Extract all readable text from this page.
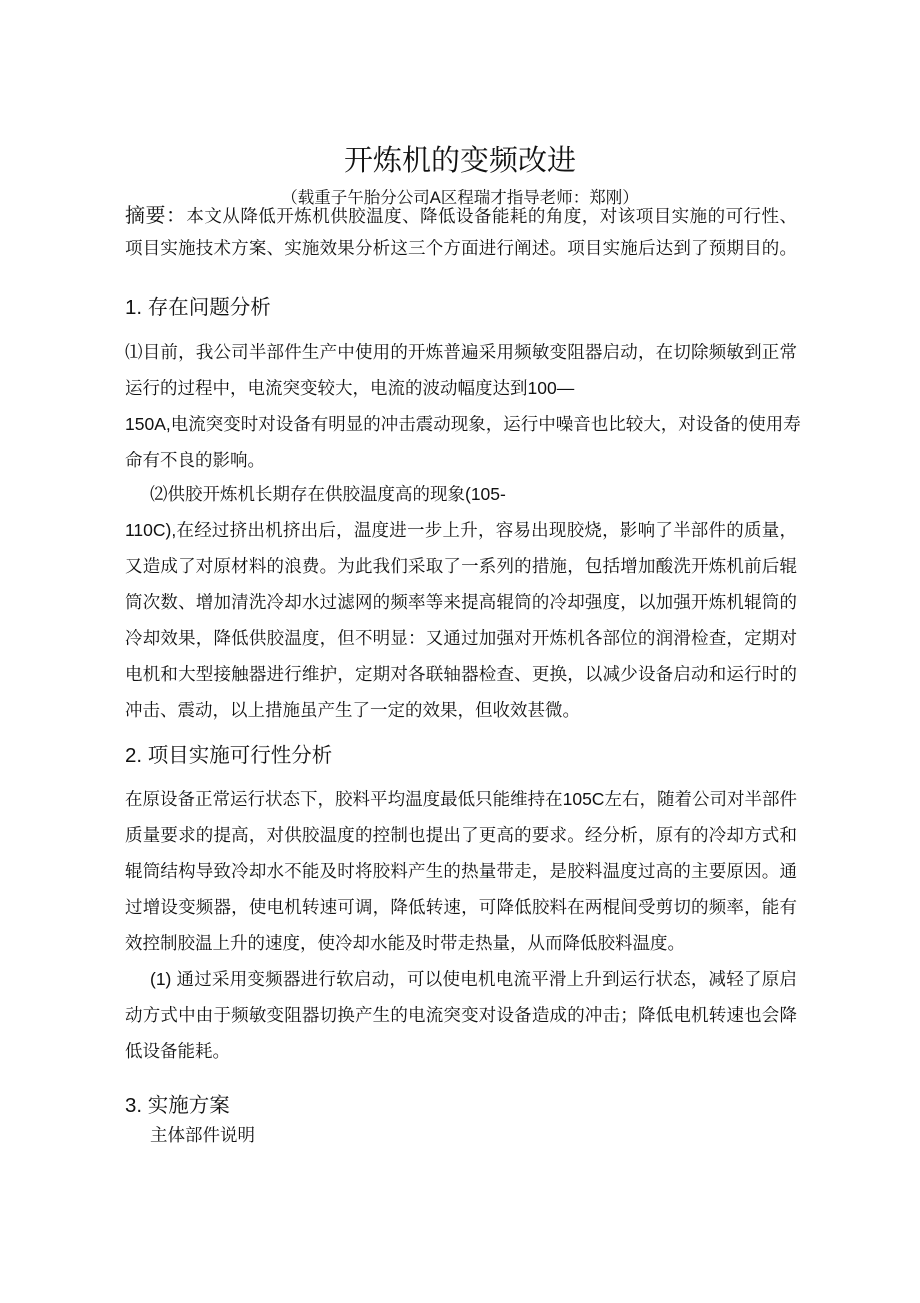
开炼机的变频改进
（载重子午胎分公司A区程瑞才指导老师：郑刚）
摘要：本文从降低开炼机供胶温度、降低设备能耗的角度，对该项目实施的可行性、
项目实施技术方案、实施效果分析这三个方面进行阐述。项目实施后达到了预期目的。
1. 存在问题分析
⑴目前，我公司半部件生产中使用的开炼普遍采用频敏变阻器启动，在切除频敏到正常
运行的过程中，电流突变较大，电流的波动幅度达到100—
150A,电流突变时对设备有明显的冲击震动现象，运行中噪音也比较大，对设备的使用寿
命有不良的影响。
⑵供胶开炼机长期存在供胶温度高的现象(105-
110C),在经过挤出机挤出后，温度进一步上升，容易出现胶烧，影响了半部件的质量，
又造成了对原材料的浪费。为此我们采取了一系列的措施，包括增加酸洗开炼机前后辊
筒次数、增加清洗冷却水过滤网的频率等来提高辊筒的冷却强度，以加强开炼机辊筒的
冷却效果，降低供胶温度，但不明显：又通过加强对开炼机各部位的润滑检查，定期对
电机和大型接触器进行维护，定期对各联轴器检查、更换，以减少设备启动和运行时的
冲击、震动，以上措施虽产生了一定的效果，但收效甚微。
2. 项目实施可行性分析
在原设备正常运行状态下，胶料平均温度最低只能维持在105C左右，随着公司对半部件
质量要求的提高，对供胶温度的控制也提出了更高的要求。经分析，原有的冷却方式和
辊筒结构导致冷却水不能及时将胶料产生的热量带走，是胶料温度过高的主要原因。通
过增设变频器，使电机转速可调，降低转速，可降低胶料在两棍间受剪切的频率，能有
效控制胶温上升的速度，使冷却水能及时带走热量，从而降低胶料温度。
(1) 通过采用变频器进行软启动，可以使电机电流平滑上升到运行状态，减轻了原启
动方式中由于频敏变阻器切换产生的电流突变对设备造成的冲击；降低电机转速也会降
低设备能耗。
3. 实施方案
主体部件说明
